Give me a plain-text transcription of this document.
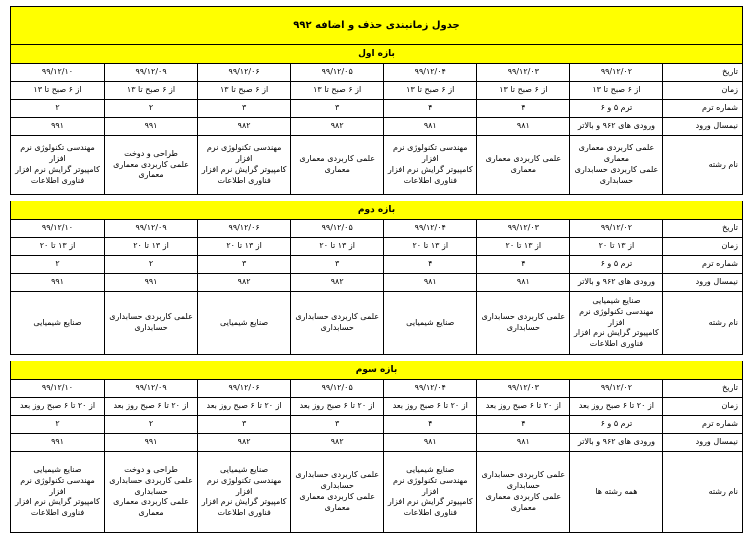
جدول زمانبندی حذف و اضافه ۹۹۲
بازه اول
تاریخ
۹۹/۱۲/۰۲
۹۹/۱۲/۰۳
۹۹/۱۲/۰۴
۹۹/۱۲/۰۵
۹۹/۱۲/۰۶
۹۹/۱۲/۰۹
۹۹/۱۲/۱۰
زمان
از ۶ صبح تا ۱۳
از ۶ صبح تا ۱۳
از ۶ صبح تا ۱۳
از ۶ صبح تا ۱۳
از ۶ صبح تا ۱۳
از ۶ صبح تا ۱۳
از ۶ صبح تا ۱۳
شماره ترم
ترم ۵ و ۶
۴
۴
۳
۳
۲
۲
نیمسال ورود
ورودی های ۹۶۲ و بالاتر
۹۸۱
۹۸۱
۹۸۲
۹۸۲
۹۹۱
۹۹۱
نام رشته
علمی کاربردی معماری
معماری
علمی کاربردی حسابداری
حسابداری
علمی کاربردی معماری
معماری
مهندسی تکنولوژی نرم افزار
کامپیوتر گرایش نرم افزار
فناوری اطلاعات
علمی کاربردی معماری
معماری
مهندسی تکنولوژی نرم افزار
کامپیوتر گرایش نرم افزار
فناوری اطلاعات
طراحی و دوخت
علمی کاربردی معماری
معماری
مهندسی تکنولوژی نرم افزار
کامپیوتر گرایش نرم افزار
فناوری اطلاعات
بازه دوم
تاریخ
۹۹/۱۲/۰۲
۹۹/۱۲/۰۳
۹۹/۱۲/۰۴
۹۹/۱۲/۰۵
۹۹/۱۲/۰۶
۹۹/۱۲/۰۹
۹۹/۱۲/۱۰
زمان
از ۱۳ تا ۲۰
از ۱۳ تا ۲۰
از ۱۳ تا ۲۰
از ۱۳ تا ۲۰
از ۱۳ تا ۲۰
از ۱۳ تا ۲۰
از ۱۳ تا ۲۰
شماره ترم
ترم ۵ و ۶
۴
۴
۳
۳
۲
۲
نیمسال ورود
ورودی های ۹۶۲ و بالاتر
۹۸۱
۹۸۱
۹۸۲
۹۸۲
۹۹۱
۹۹۱
نام رشته
صنایع شیمیایی
مهندسی تکنولوژی نرم افزار
کامپیوتر گرایش نرم افزار
فناوری اطلاعات
علمی کاربردی حسابداری
حسابداری
صنایع شیمیایی
علمی کاربردی حسابداری
حسابداری
صنایع شیمیایی
علمی کاربردی حسابداری
حسابداری
صنایع شیمیایی
بازه سوم
تاریخ
۹۹/۱۲/۰۲
۹۹/۱۲/۰۳
۹۹/۱۲/۰۴
۹۹/۱۲/۰۵
۹۹/۱۲/۰۶
۹۹/۱۲/۰۹
۹۹/۱۲/۱۰
زمان
از ۲۰ تا ۶ صبح روز بعد
از ۲۰ تا ۶ صبح روز بعد
از ۲۰ تا ۶ صبح روز بعد
از ۲۰ تا ۶ صبح روز بعد
از ۲۰ تا ۶ صبح روز بعد
از ۲۰ تا ۶ صبح روز بعد
از ۲۰ تا ۶ صبح روز بعد
شماره ترم
ترم ۵ و ۶
۴
۴
۳
۳
۲
۲
نیمسال ورود
ورودی های ۹۶۲ و بالاتر
۹۸۱
۹۸۱
۹۸۲
۹۸۲
۹۹۱
۹۹۱
نام رشته
همه رشته ها
علمی کاربردی حسابداری
حسابداری
علمی کاربردی معماری
معماری
صنایع شیمیایی
مهندسی تکنولوژی نرم افزار
کامپیوتر گرایش نرم افزار
فناوری اطلاعات
علمی کاربردی حسابداری
حسابداری
علمی کاربردی معماری
معماری
صنایع شیمیایی
مهندسی تکنولوژی نرم افزار
کامپیوتر گرایش نرم افزار
فناوری اطلاعات
طراحی و دوخت
علمی کاربردی حسابداری
حسابداری
علمی کاربردی معماری
معماری
صنایع شیمیایی
مهندسی تکنولوژی نرم افزار
کامپیوتر گرایش نرم افزار
فناوری اطلاعات
